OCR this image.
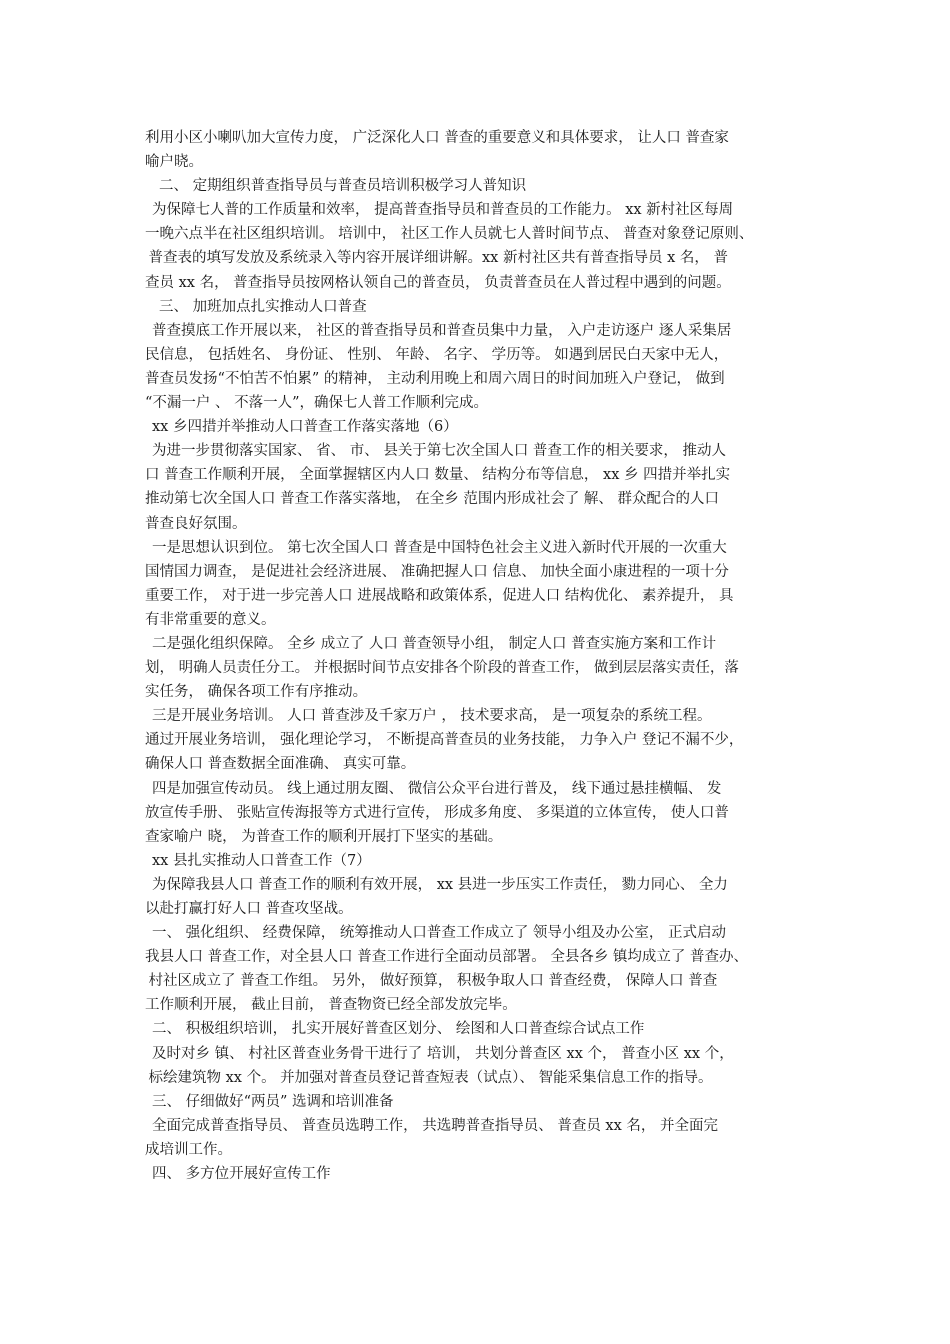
利用小区小喇叭加大宣传力度， 广泛深化人口 普查的重要意义和具体要求， 让人口 普查家
喻户晓。
二、 定期组织普查指导员与普查员培训积极学习人普知识
为保障七人普的工作质量和效率， 提高普查指导员和普查员的工作能力。 xx 新村社区每周
一晚六点半在社区组织培训。 培训中， 社区工作人员就七人普时间节点、 普查对象登记原则、
普查表的填写发放及系统录入等内容开展详细讲解。xx 新村社区共有普查指导员 x 名， 普
查员 xx 名， 普查指导员按网格认领自己的普查员， 负责普查员在人普过程中遇到的问题。
三、 加班加点扎实推动人口普查
普查摸底工作开展以来， 社区的普查指导员和普查员集中力量， 入户走访逐户 逐人采集居
民信息， 包括姓名、 身份证、 性别、 年龄、 名字、 学历等。 如遇到居民白天家中无人，
普查员发扬“不怕苦不怕累” 的精神， 主动利用晚上和周六周日的时间加班入户登记， 做到
“不漏一户 、 不落一人”，确保七人普工作顺利完成。
xx 乡四措并举推动人口普查工作落实落地（6）
为进一步贯彻落实国家、 省、 市、 县关于第七次全国人口 普查工作的相关要求， 推动人
口 普查工作顺利开展， 全面掌握辖区内人口 数量、 结构分布等信息， xx 乡 四措并举扎实
推动第七次全国人口 普查工作落实落地， 在全乡 范围内形成社会了 解、 群众配合的人口
普查良好氛围。
一是思想认识到位。 第七次全国人口 普查是中国特色社会主义进入新时代开展的一次重大
国情国力调查， 是促进社会经济进展、 准确把握人口 信息、 加快全面小康进程的一项十分
重要工作， 对于进一步完善人口 进展战略和政策体系，促进人口 结构优化、 素养提升， 具
有非常重要的意义。
二是强化组织保障。 全乡 成立了 人口 普查领导小组， 制定人口 普查实施方案和工作计
划， 明确人员责任分工。 并根据时间节点安排各个阶段的普查工作， 做到层层落实责任，落
实任务， 确保各项工作有序推动。
三是开展业务培训。 人口 普查涉及千家万户 ， 技术要求高， 是一项复杂的系统工程。
通过开展业务培训， 强化理论学习， 不断提高普查员的业务技能， 力争入户 登记不漏不少，
确保人口 普查数据全面准确、 真实可靠。
四是加强宣传动员。 线上通过朋友圈、 微信公众平台进行普及， 线下通过悬挂横幅、 发
放宣传手册、 张贴宣传海报等方式进行宣传， 形成多角度、 多渠道的立体宣传， 使人口普
查家喻户 晓， 为普查工作的顺利开展打下坚实的基础。
xx 县扎实推动人口普查工作（7）
为保障我县人口 普查工作的顺利有效开展， xx 县进一步压实工作责任， 勠力同心、 全力
以赴打赢打好人口 普查攻坚战。
一、 强化组织、 经费保障， 统筹推动人口普查工作成立了 领导小组及办公室， 正式启动
我县人口 普查工作，对全县人口 普查工作进行全面动员部署。 全县各乡 镇均成立了 普查办、
村社区成立了 普查工作组。 另外， 做好预算， 积极争取人口 普查经费， 保障人口 普查
工作顺利开展， 截止目前， 普查物资已经全部发放完毕。
二、 积极组织培训， 扎实开展好普查区划分、 绘图和人口普查综合试点工作
及时对乡 镇、 村社区普查业务骨干进行了 培训， 共划分普查区 xx 个， 普查小区 xx 个，
标绘建筑物 xx 个。 并加强对普查员登记普查短表（试点）、 智能采集信息工作的指导。
三、 仔细做好“两员” 选调和培训准备
全面完成普查指导员、 普查员选聘工作， 共选聘普查指导员、 普查员 xx 名， 并全面完
成培训工作。
四、 多方位开展好宣传工作
